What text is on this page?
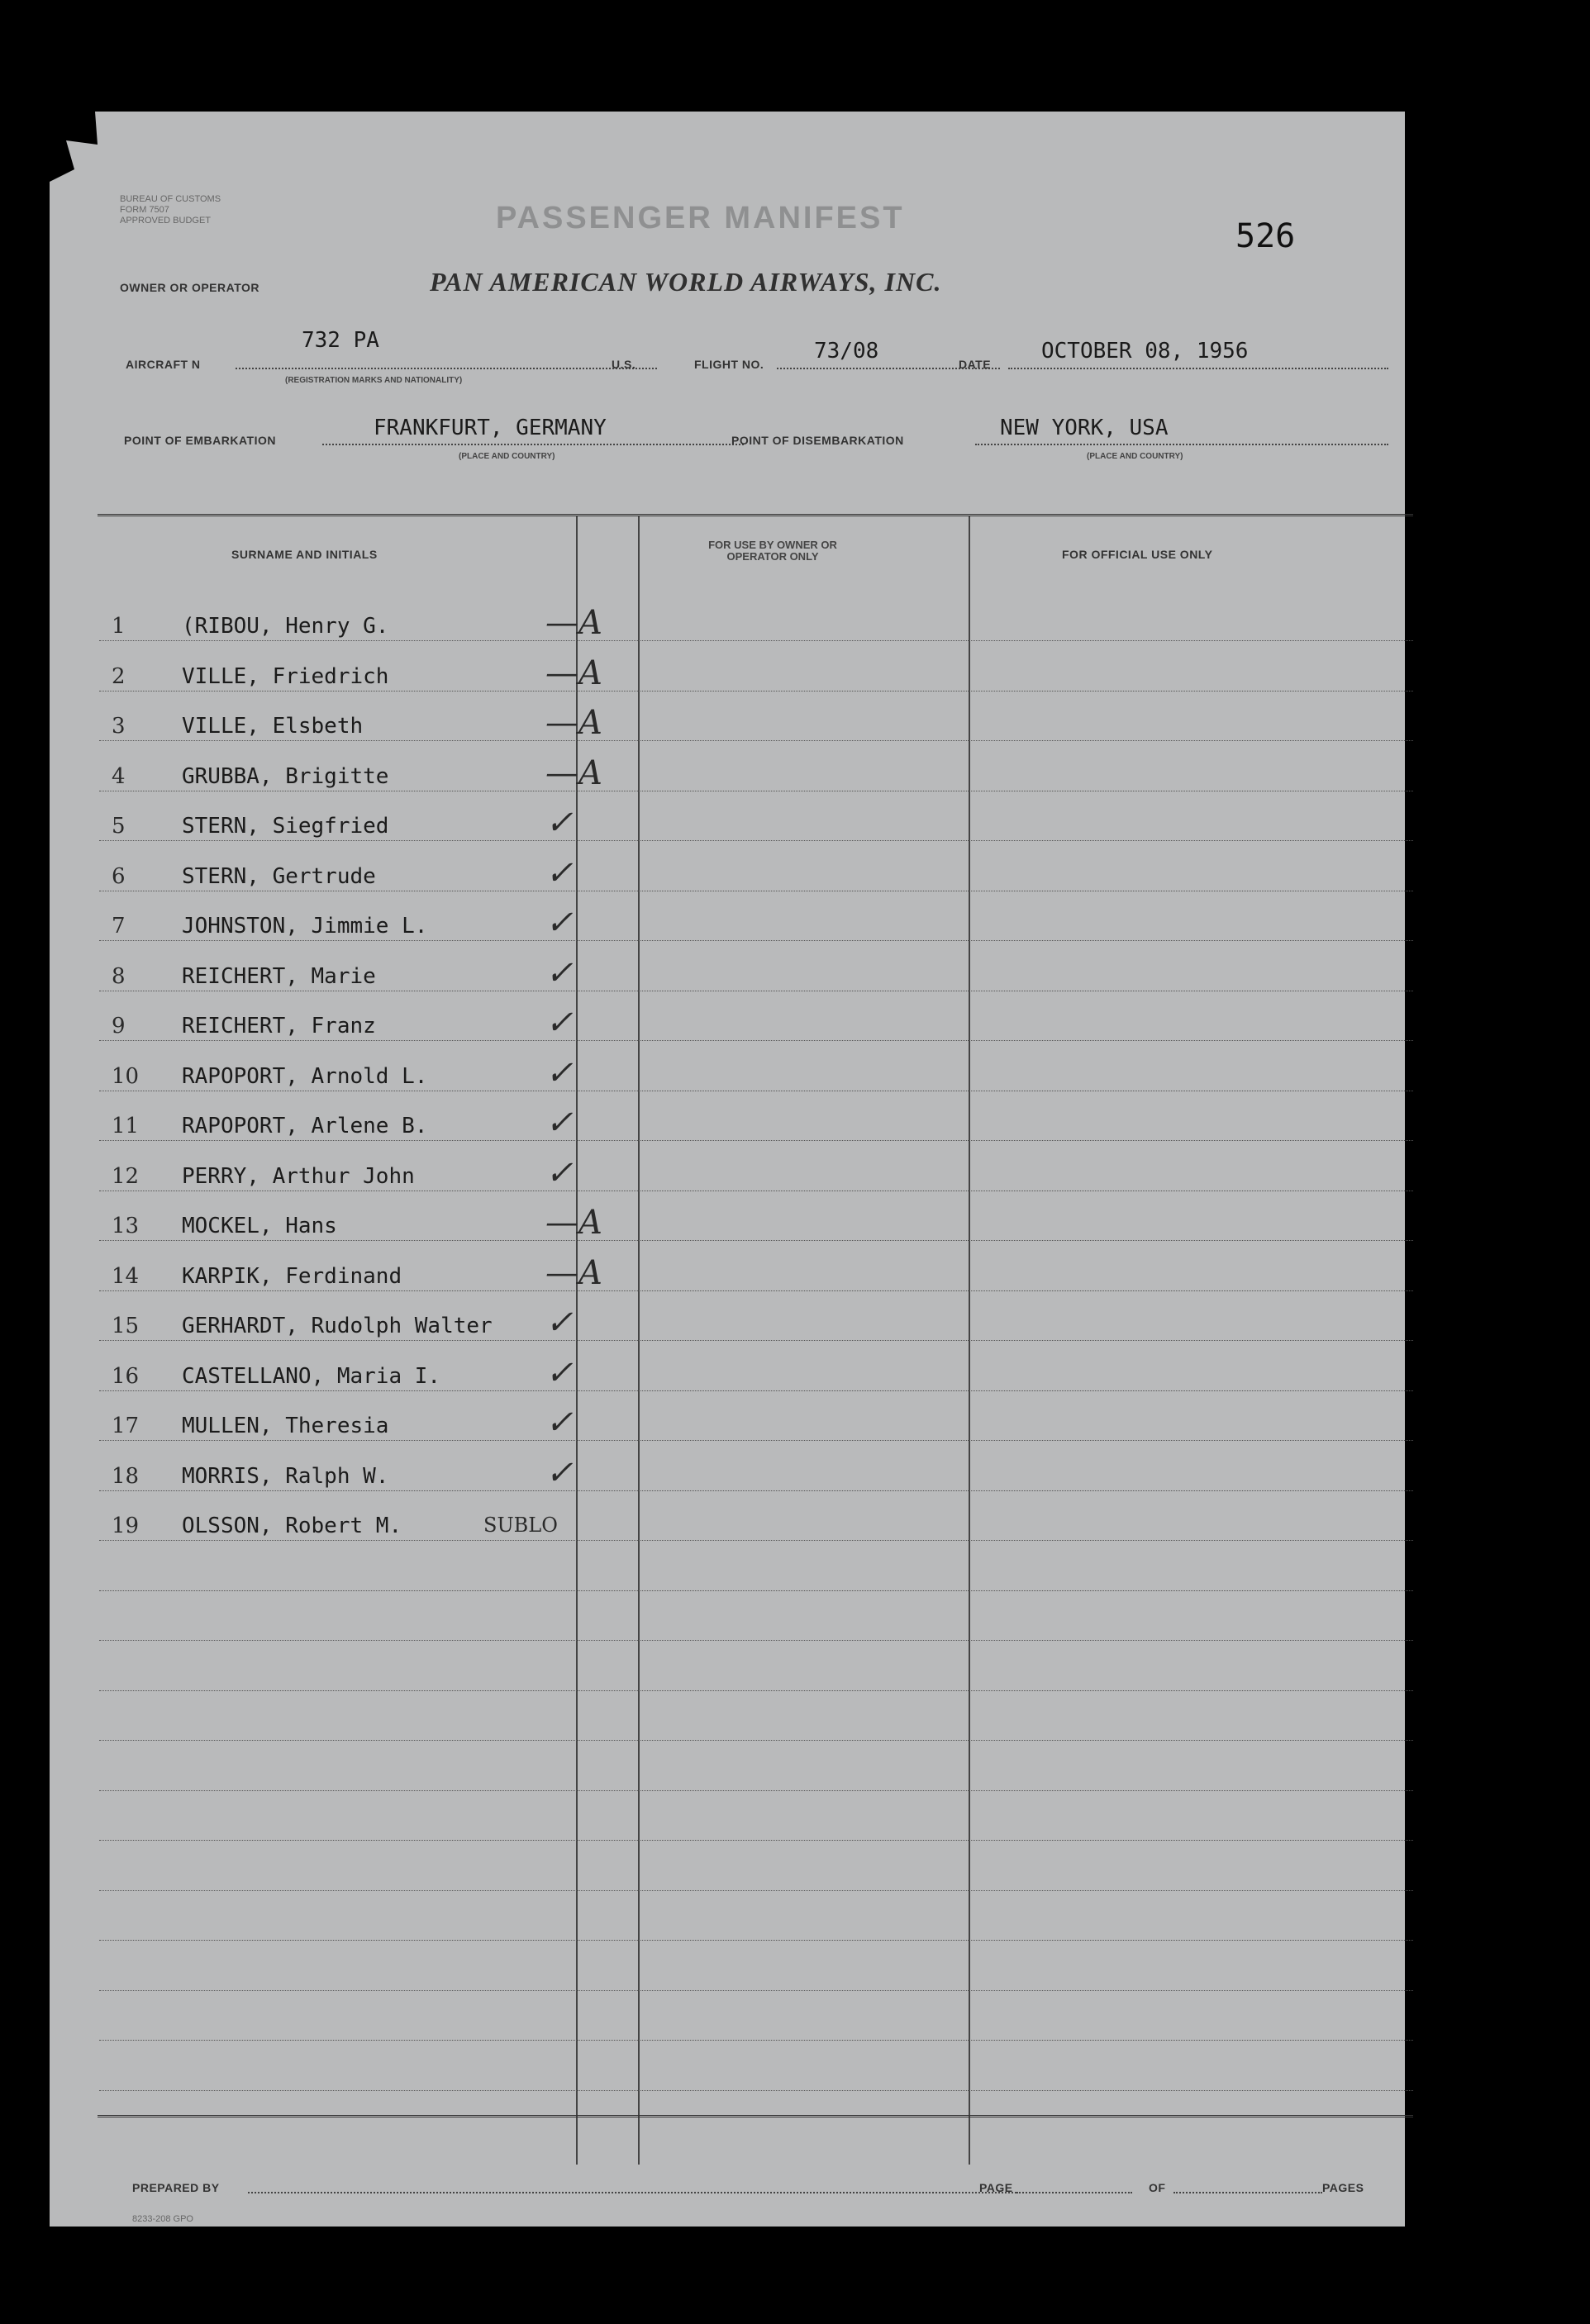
BUREAU OF CUSTOMS
FORM 7507
APPROVED BUDGET	PASSENGER MANIFEST	526
OWNER OR OPERATOR	PAN AMERICAN WORLD AIRWAYS, INC.
AIRCRAFT N
732 PA
(REGISTRATION MARKS AND NATIONALITY)
U.S.	FLIGHT NO.
73/08
DATE
OCTOBER 08, 1956
POINT OF EMBARKATION	FRANKFURT, GERMANY
(PLACE AND COUNTRY)
POINT OF DISEMBARKATION	NEW YORK, USA
(PLACE AND COUNTRY)
SURNAME AND INITIALS
FOR USE BY OWNER OR OPERATOR ONLY	FOR OFFICIAL USE ONLY
1	(RIBOU, Henry G.	—A
2	VILLE, Friedrich	—A
3	VILLE, Elsbeth	—A
4	GRUBBA, Brigitte	—A
5	STERN, Siegfried	✓
6	STERN, Gertrude	✓
7	JOHNSTON, Jimmie L.	✓
8	REICHERT, Marie	✓
9	REICHERT, Franz	✓
10	RAPOPORT, Arnold L.	✓
11	RAPOPORT, Arlene B.	✓
12	PERRY, Arthur John	✓
13	MOCKEL, Hans	—A
14	KARPIK, Ferdinand	—A
15	GERHARDT, Rudolph Walter ✓
16	CASTELLANO, Maria I.	✓
17	MULLEN, Theresia	✓
18	MORRIS, Ralph W.	✓
19	OLSSON, Robert M.	SUBLO
PREPARED BY	PAGE	OF	PAGES
8233-208 GPO
